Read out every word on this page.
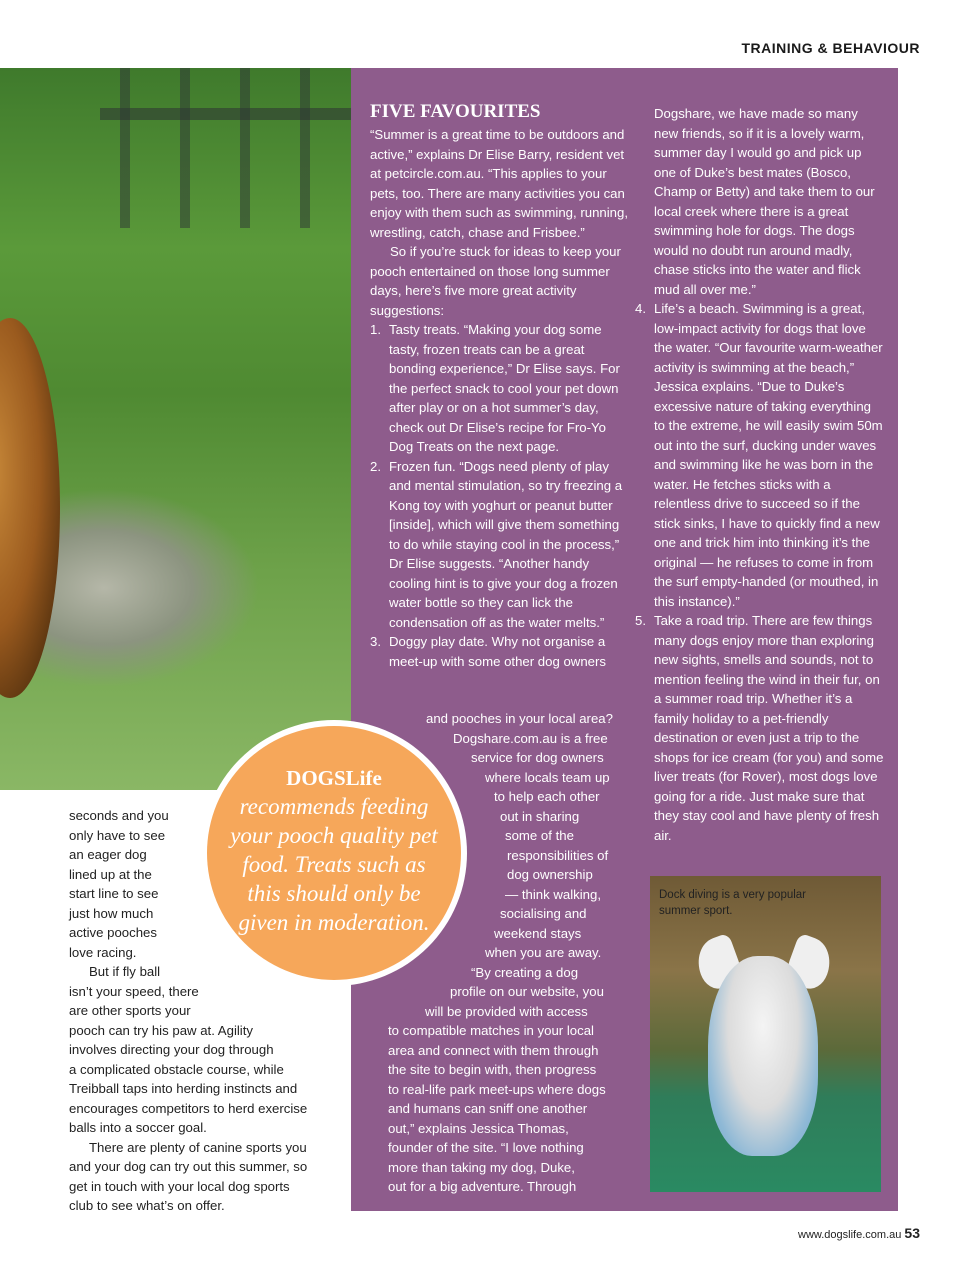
TRAINING & BEHAVIOUR
FIVE FAVOURITES

“Summer is a great time to be outdoors and active,” explains Dr Elise Barry, resident vet at petcircle.com.au. “This applies to your pets, too. There are many activities you can enjoy with them such as swimming, running, wrestling, catch, chase and Frisbee.”

So if you’re stuck for ideas to keep your pooch entertained on those long summer days, here’s five more great activity suggestions:

1. Tasty treats. “Making your dog some tasty, frozen treats can be a great bonding experience,” Dr Elise says. For the perfect snack to cool your pet down after play or on a hot summer’s day, check out Dr Elise’s recipe for Fro-Yo Dog Treats on the next page.
2. Frozen fun. “Dogs need plenty of play and mental stimulation, so try freezing a Kong toy with yoghurt or peanut butter [inside], which will give them something to do while staying cool in the process,” Dr Elise suggests. “Another handy cooling hint is to give your dog a frozen water bottle so they can lick the condensation off as the water melts.”
3. Doggy play date. Why not organise a
meet-up with some other dog owners
and pooches in your local area?
Dogshare.com.au is a free
service for dog owners
where locals team up
to help each other
out in sharing
some of the
responsibilities of
dog ownership
— think walking,
socialising and
weekend stays
when you are away.
“By creating a dog
profile on our website, you
will be provided with access
to compatible matches in your local
area and connect with them through
the site to begin with, then progress
to real-life park meet-ups where dogs
and humans can sniff one another
out,” explains Jessica Thomas,
founder of the site. “I love nothing
more than taking my dog, Duke,
out for a big adventure. Through

Dogshare, we have made so many new friends, so if it is a lovely warm, summer day I would go and pick up one of Duke’s best mates (Bosco, Champ or Betty) and take them to our local creek where there is a great swimming hole for dogs. The dogs would no doubt run around madly, chase sticks into the water and flick mud all over me.”

4. Life’s a beach. Swimming is a great, low-impact activity for dogs that love the water. “Our favourite warm-weather activity is swimming at the beach,” Jessica explains. “Due to Duke’s excessive nature of taking everything to the extreme, he will easily swim 50m out into the surf, ducking under waves and swimming like he was born in the water. He fetches sticks with a relentless drive to succeed so if the stick sinks, I have to quickly find a new one and trick him into thinking it’s the original — he refuses to come in from the surf empty-handed (or mouthed, in this instance).”
5. Take a road trip. There are few things many dogs enjoy more than exploring new sights, smells and sounds, not to mention feeling the wind in their fur, on a summer road trip. Whether it’s a family holiday to a pet-friendly destination or even just a trip to the shops for ice cream (for you) and some liver treats (for Rover), most dogs love going for a ride. Just make sure that they stay cool and have plenty of fresh air.
seconds and you
only have to see
an eager dog
lined up at the
start line to see
just how much
active pooches
love racing.
But if fly ball
isn’t your speed, there
are other sports your
pooch can try his paw at. Agility
involves directing your dog through
a complicated obstacle course, while
Treibball taps into herding instincts and
encourages competitors to herd exercise
balls into a soccer goal.
There are plenty of canine sports you
and your dog can try out this summer, so
get in touch with your local dog sports
club to see what’s on offer.
DOGSLife
recommends feeding your pooch quality pet food. Treats such as this should only be given in moderation.
Dock diving is a very popular summer sport.
www.dogslife.com.au 53
